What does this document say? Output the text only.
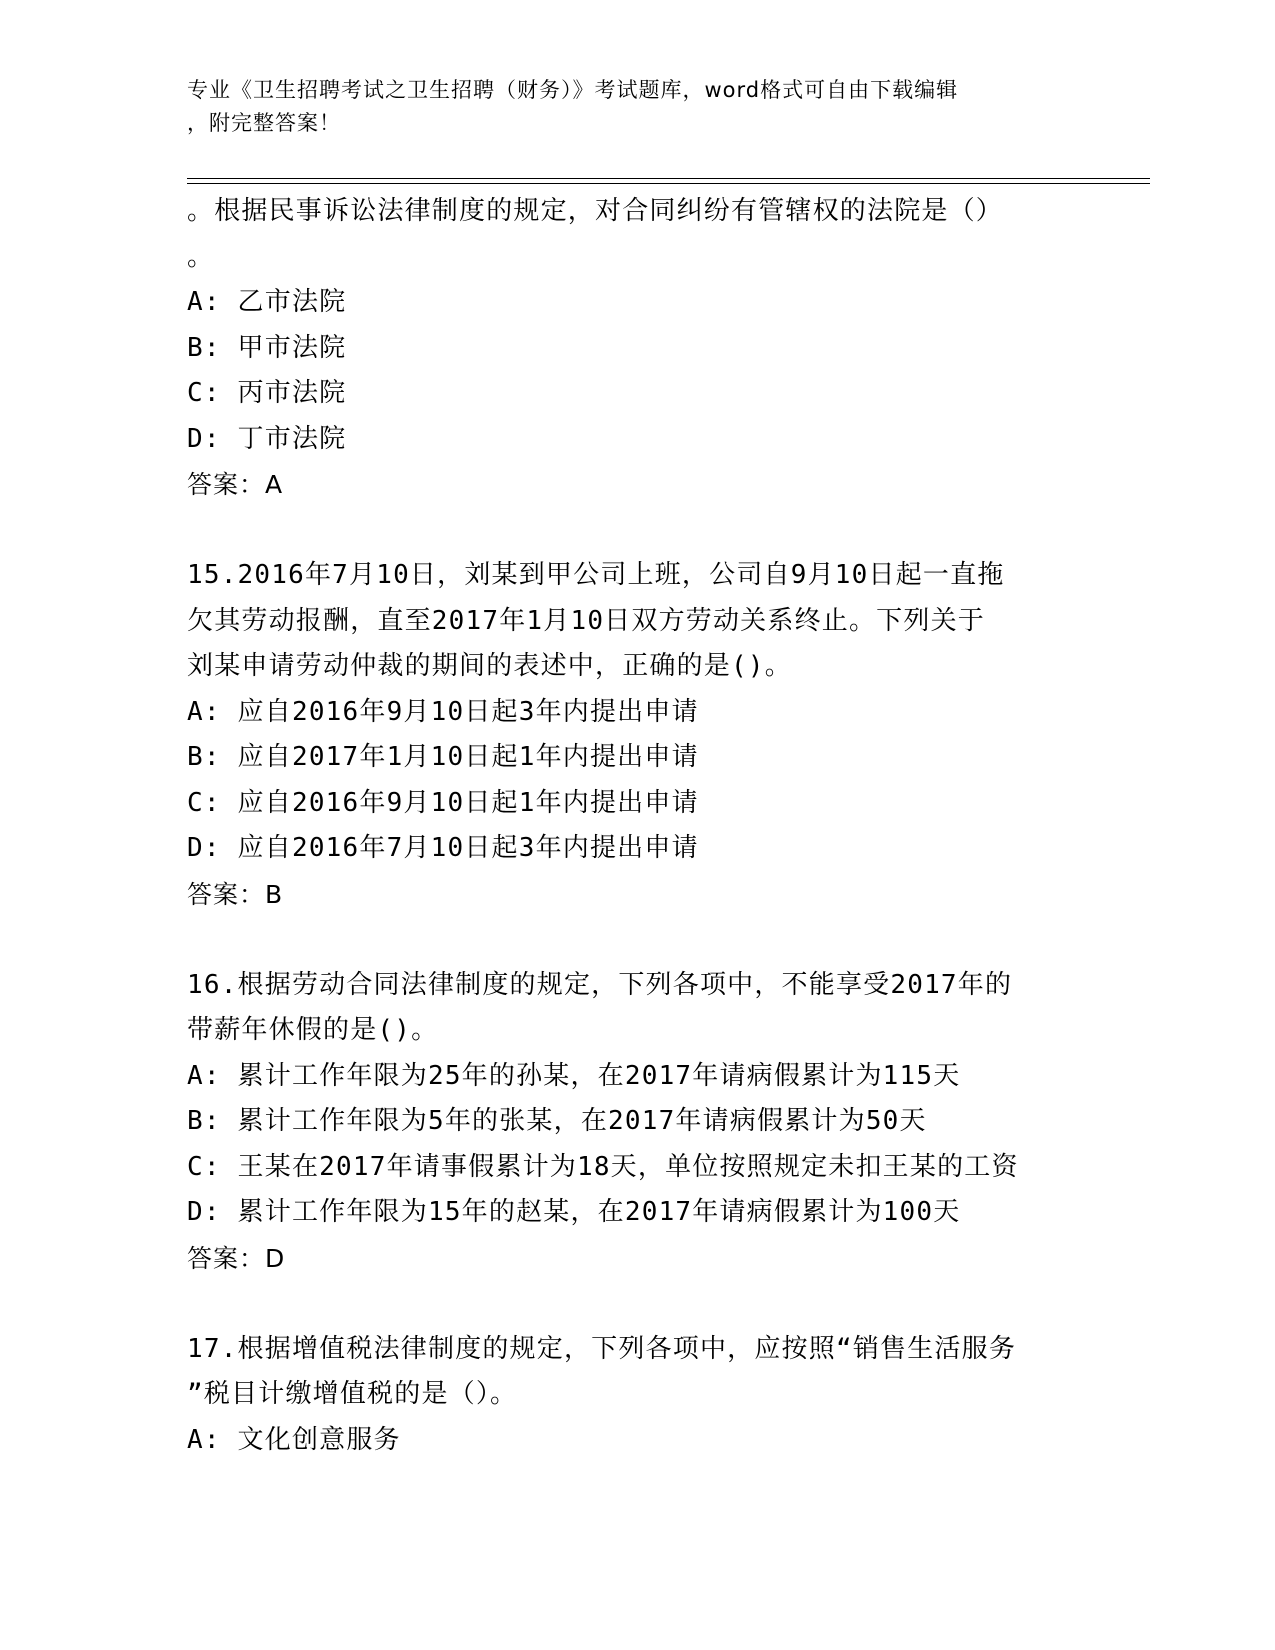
专业《卫生招聘考试之卫生招聘（财务）》考试题库，word格式可自由下载编辑
，附完整答案！
。根据民事诉讼法律制度的规定，对合同纠纷有管辖权的法院是（）
。
A: 乙市法院
B: 甲市法院
C: 丙市法院
D: 丁市法院
答案：A
15.2016年7月10日，刘某到甲公司上班，公司自9月10日起一直拖
欠其劳动报酬，直至2017年1月10日双方劳动关系终止。下列关于
刘某申请劳动仲裁的期间的表述中，正确的是()。
A: 应自2016年9月10日起3年内提出申请
B: 应自2017年1月10日起1年内提出申请
C: 应自2016年9月10日起1年内提出申请
D: 应自2016年7月10日起3年内提出申请
答案：B
16.根据劳动合同法律制度的规定，下列各项中，不能享受2017年的
带薪年休假的是()。
A: 累计工作年限为25年的孙某，在2017年请病假累计为115天
B: 累计工作年限为5年的张某，在2017年请病假累计为50天
C: 王某在2017年请事假累计为18天，单位按照规定未扣王某的工资
D: 累计工作年限为15年的赵某，在2017年请病假累计为100天
答案：D
17.根据增值税法律制度的规定，下列各项中，应按照“销售生活服务
”税目计缴增值税的是（）。
A: 文化创意服务
